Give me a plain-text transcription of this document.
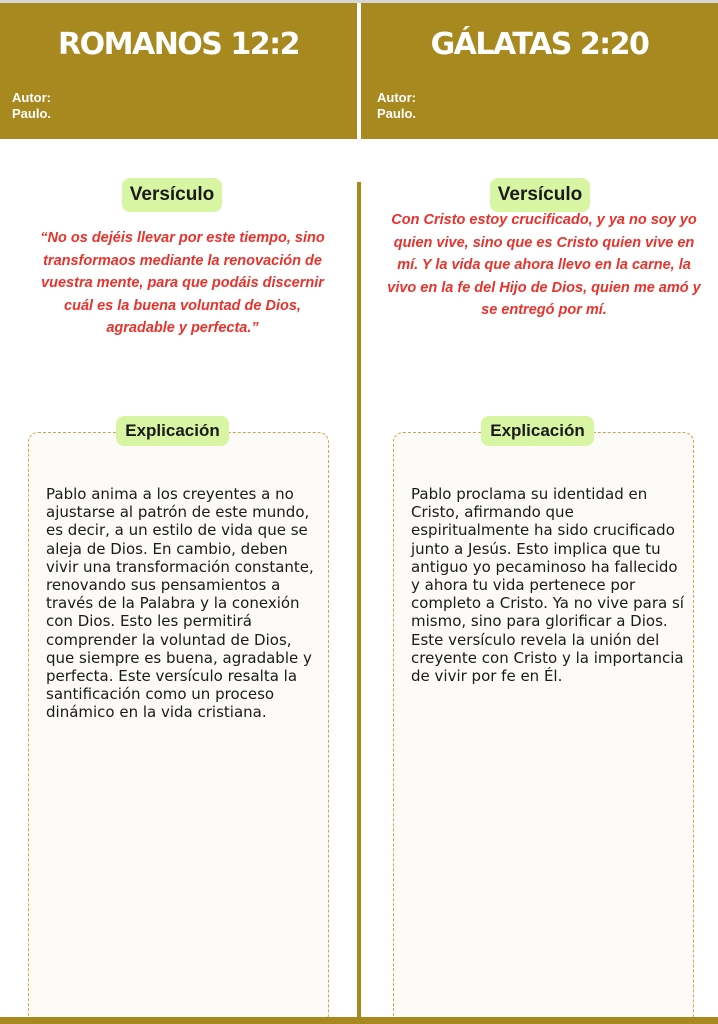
ROMANOS 12:2
Autor:
Paulo.
GÁLATAS 2:20
Autor:
Paulo.
Versículo
“No os dejéis llevar por este tiempo, sino transformaos mediante la renovación de vuestra mente, para que podáis discernir cuál es la buena voluntad de Dios, agradable y perfecta.”
Versículo
Con Cristo estoy crucificado, y ya no soy yo quien vive, sino que es Cristo quien vive en mí. Y la vida que ahora llevo en la carne, la vivo en la fe del Hijo de Dios, quien me amó y se entregó por mí.
Explicación
Pablo anima a los creyentes a no ajustarse al patrón de este mundo, es decir, a un estilo de vida que se aleja de Dios. En cambio, deben vivir una transformación constante, renovando sus pensamientos a través de la Palabra y la conexión con Dios. Esto les permitirá comprender la voluntad de Dios, que siempre es buena, agradable y perfecta. Este versículo resalta la santificación como un proceso dinámico en la vida cristiana.
Explicación
Pablo proclama su identidad en Cristo, afirmando que espiritualmente ha sido crucificado junto a Jesús. Esto implica que tu antiguo yo pecaminoso ha fallecido y ahora tu vida pertenece por completo a Cristo. Ya no vive para sí mismo, sino para glorificar a Dios. Este versículo revela la unión del creyente con Cristo y la importancia de vivir por fe en Él.
